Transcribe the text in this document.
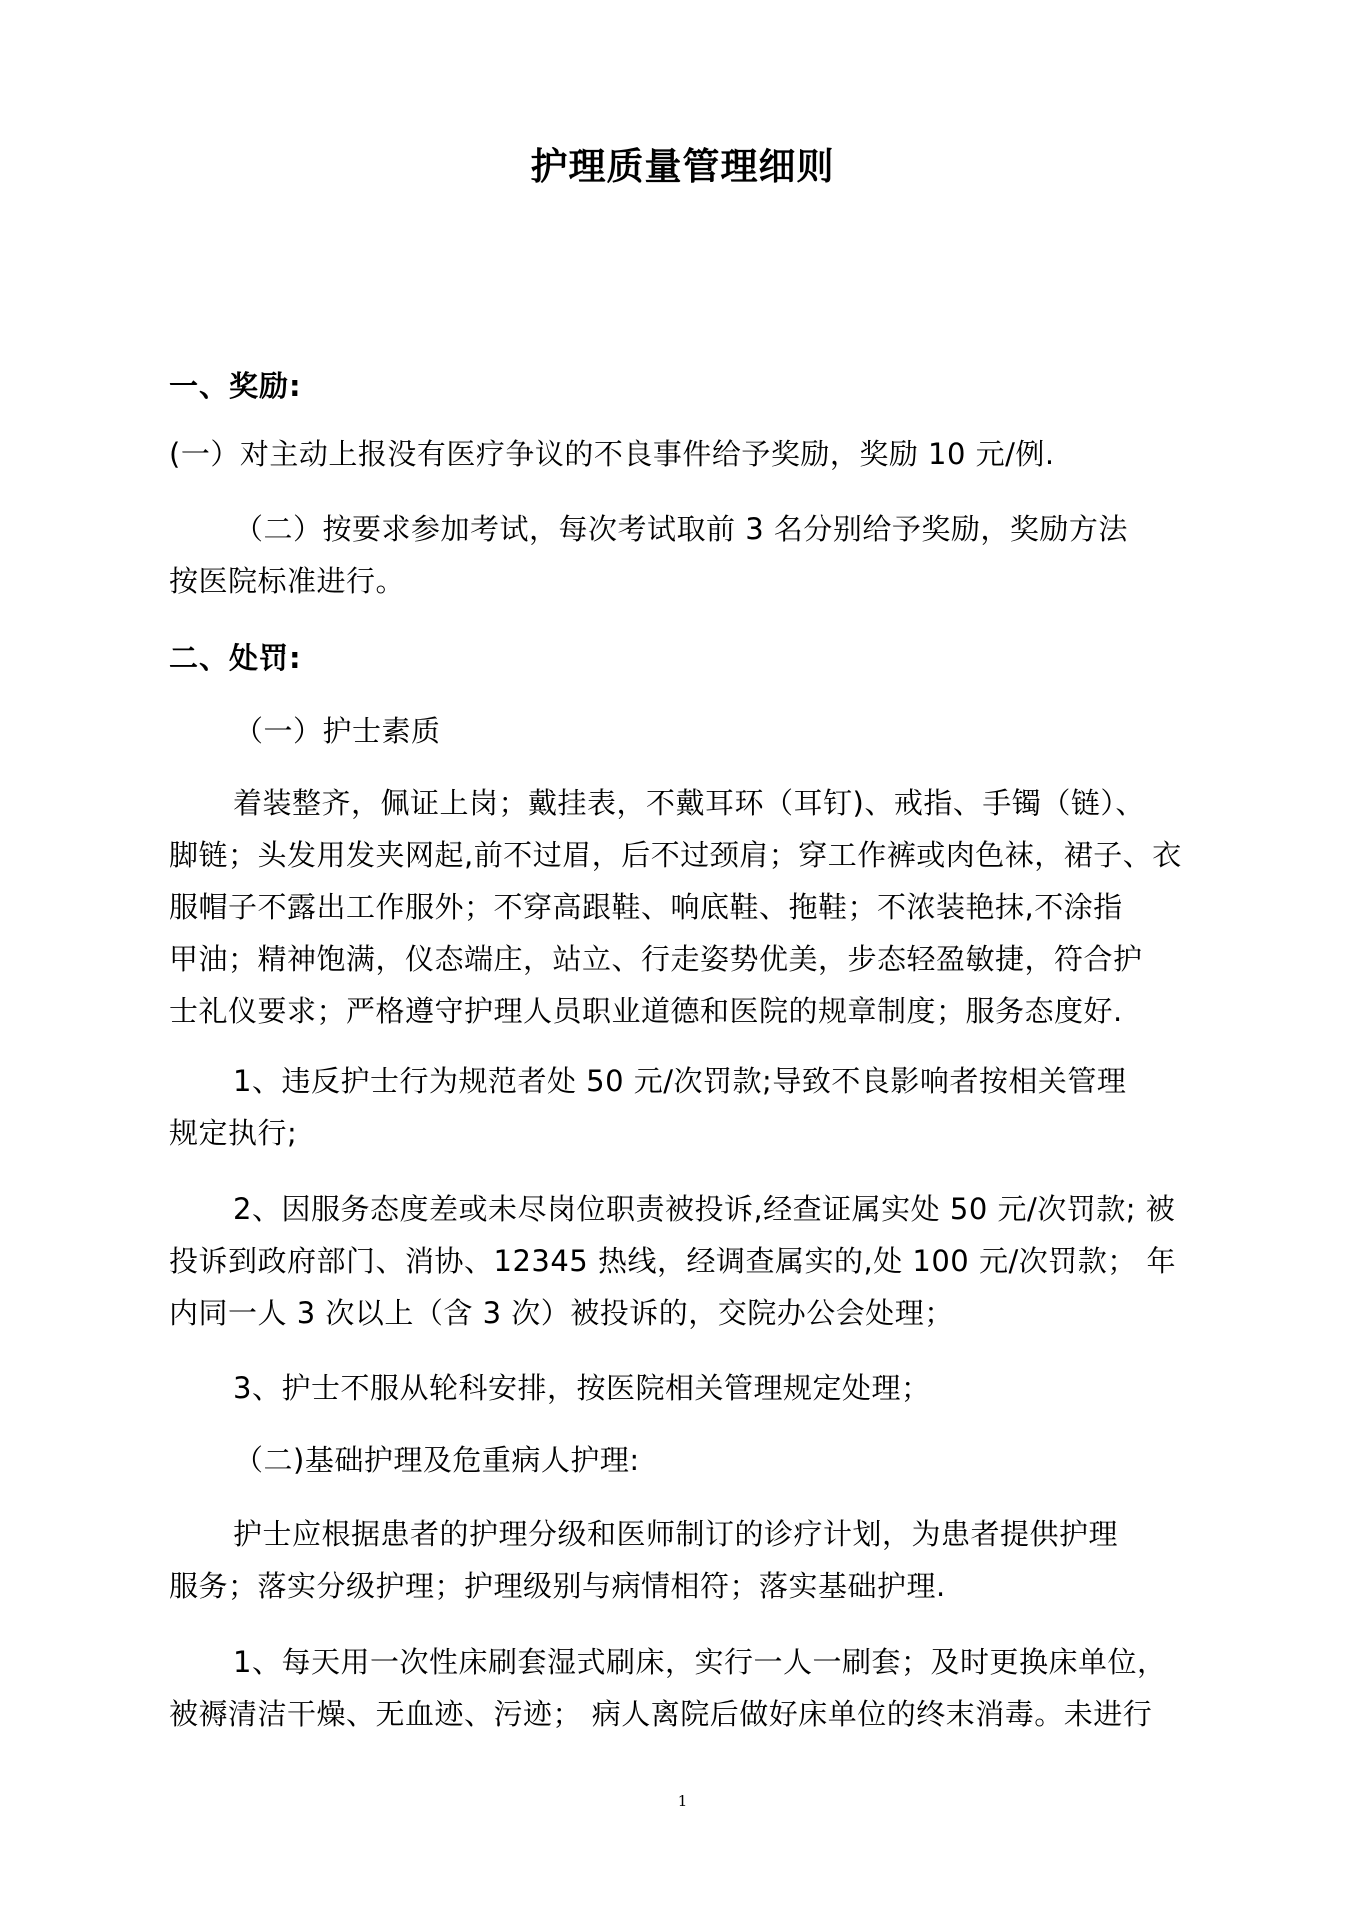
护理质量管理细则
一、奖励:
(一）对主动上报没有医疗争议的不良事件给予奖励，奖励 10 元/例.
（二）按要求参加考试，每次考试取前 3 名分别给予奖励，奖励方法
按医院标准进行。
二、处罚:
（一）护士素质
着装整齐，佩证上岗；戴挂表，不戴耳环（耳钉)、戒指、手镯（链）、
脚链；头发用发夹网起,前不过眉，后不过颈肩；穿工作裤或肉色袜，裙子、衣
服帽子不露出工作服外；不穿高跟鞋、响底鞋、拖鞋；不浓装艳抹,不涂指
甲油；精神饱满，仪态端庄，站立、行走姿势优美，步态轻盈敏捷，符合护
士礼仪要求；严格遵守护理人员职业道德和医院的规章制度；服务态度好.
1、违反护士行为规范者处 50 元/次罚款;导致不良影响者按相关管理
规定执行;
2、因服务态度差或未尽岗位职责被投诉,经查证属实处 50 元/次罚款; 被
投诉到政府部门、消协、12345 热线，经调查属实的,处 100 元/次罚款； 年
内同一人 3 次以上（含 3 次）被投诉的，交院办公会处理；
3、护士不服从轮科安排，按医院相关管理规定处理；
（二)基础护理及危重病人护理:
护士应根据患者的护理分级和医师制订的诊疗计划，为患者提供护理
服务；落实分级护理；护理级别与病情相符；落实基础护理.
1、每天用一次性床刷套湿式刷床，实行一人一刷套；及时更换床单位，
被褥清洁干燥、无血迹、污迹； 病人离院后做好床单位的终末消毒。未进行
1
